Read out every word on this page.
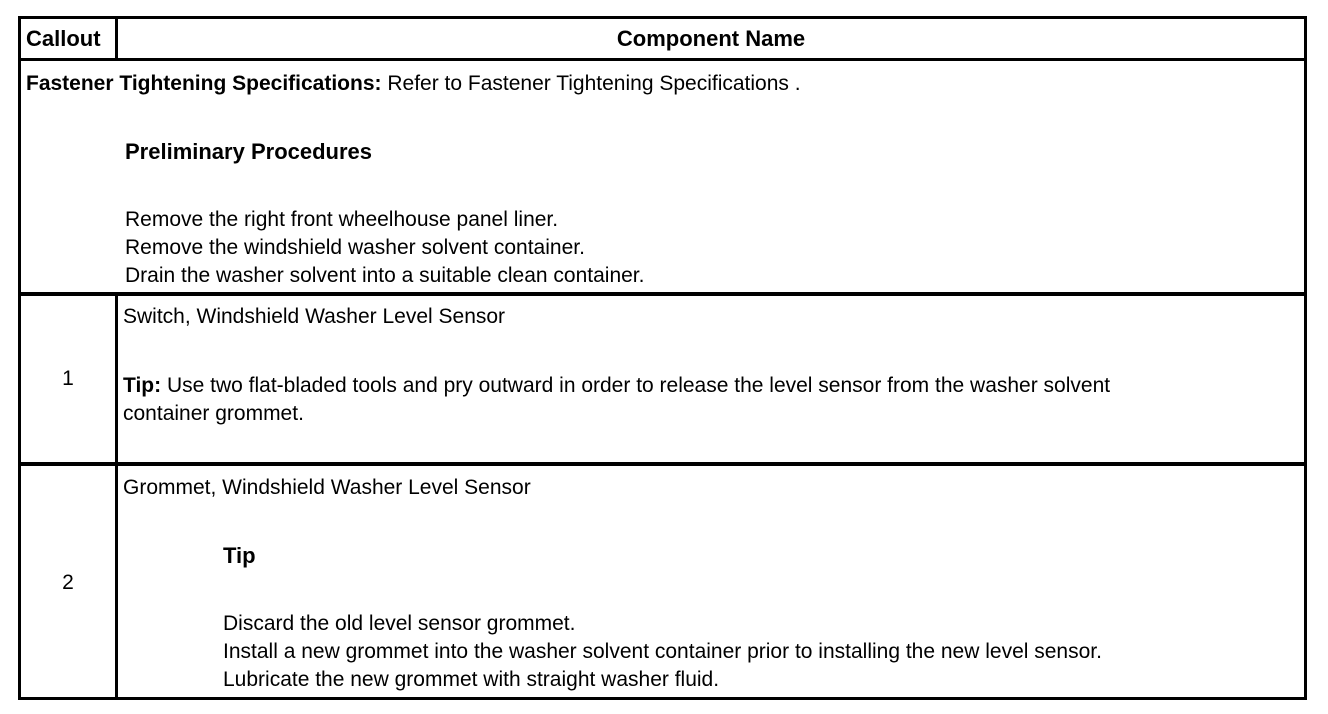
Callout	Component Name
Fastener Tightening Specifications: Refer to Fastener Tightening Specifications .
Preliminary Procedures
Remove the right front wheelhouse panel liner.
Remove the windshield washer solvent container.
Drain the washer solvent into a suitable clean container.
1
Switch, Windshield Washer Level Sensor
Tip: Use two flat-bladed tools and pry outward in order to release the level sensor from the washer solvent
container grommet.
2
Grommet, Windshield Washer Level Sensor
Tip
Discard the old level sensor grommet.
Install a new grommet into the washer solvent container prior to installing the new level sensor.
Lubricate the new grommet with straight washer fluid.
